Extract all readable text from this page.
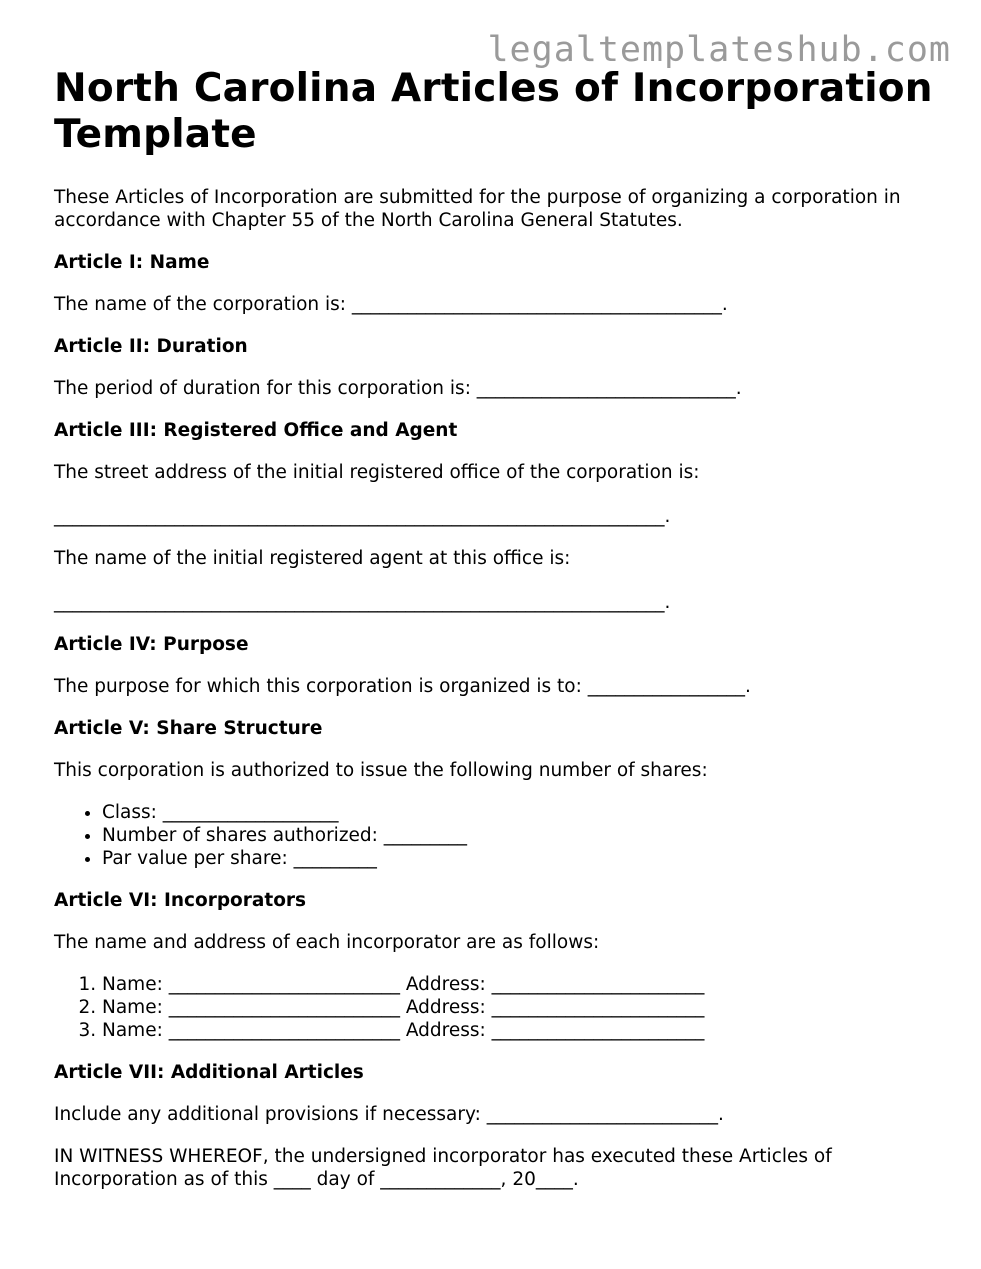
legaltemplateshub.com
North Carolina Articles of Incorporation Template

These Articles of Incorporation are submitted for the purpose of organizing a corporation in accordance with Chapter 55 of the North Carolina General Statutes.

Article I: Name

The name of the corporation is: ________________________________________.

Article II: Duration

The period of duration for this corporation is: ____________________________.

Article III: Registered Office and Agent

The street address of the initial registered office of the corporation is:

__________________________________________________________________.

The name of the initial registered agent at this office is:

__________________________________________________________________.

Article IV: Purpose

The purpose for which this corporation is organized is to: _________________.

Article V: Share Structure

This corporation is authorized to issue the following number of shares:

• Class: ___________________
• Number of shares authorized: _________
• Par value per share: _________

Article VI: Incorporators

The name and address of each incorporator are as follows:

1. Name: _________________________ Address: _______________________
2. Name: _________________________ Address: _______________________
3. Name: _________________________ Address: _______________________

Article VII: Additional Articles

Include any additional provisions if necessary: _________________________.

IN WITNESS WHEREOF, the undersigned incorporator has executed these Articles of Incorporation as of this ____ day of _____________, 20____.
